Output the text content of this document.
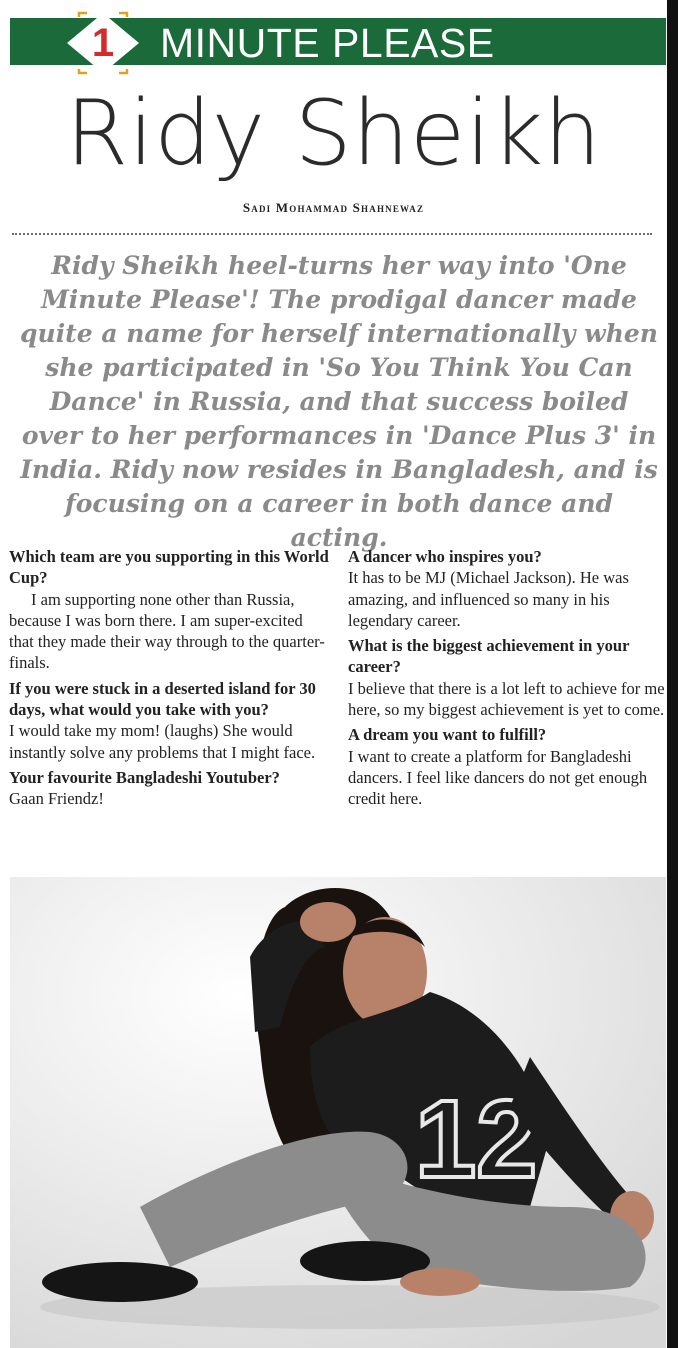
MINUTE PLEASE
1
Ridy Sheikh
Sadi Mohammad Shahnewaz
Ridy Sheikh heel-turns her way into 'One Minute Please'! The prodigal dancer made quite a name for herself internationally when she participated in 'So You Think You Can Dance' in Russia, and that success boiled over to her performances in 'Dance Plus 3' in India. Ridy now resides in Bangladesh, and is focusing on a career in both dance and acting.

Which team are you supporting in this World Cup?

I am supporting none other than Russia, because I was born there. I am super-excited that they made their way through to the quarter-finals.

If you were stuck in a deserted island for 30 days, what would you take with you?

I would take my mom! (laughs) She would instantly solve any problems that I might face.

Your favourite Bangladeshi Youtuber?

Gaan Friendz!

A dancer who inspires you?

It has to be MJ (Michael Jackson). He was amazing, and influenced so many in his legendary career.

What is the biggest achievement in your career?

I believe that there is a lot left to achieve for me here, so my biggest achievement is yet to come.

A dream you want to fulfill?

I want to create a platform for Bangladeshi dancers. I feel like dancers do not get enough credit here.

12
